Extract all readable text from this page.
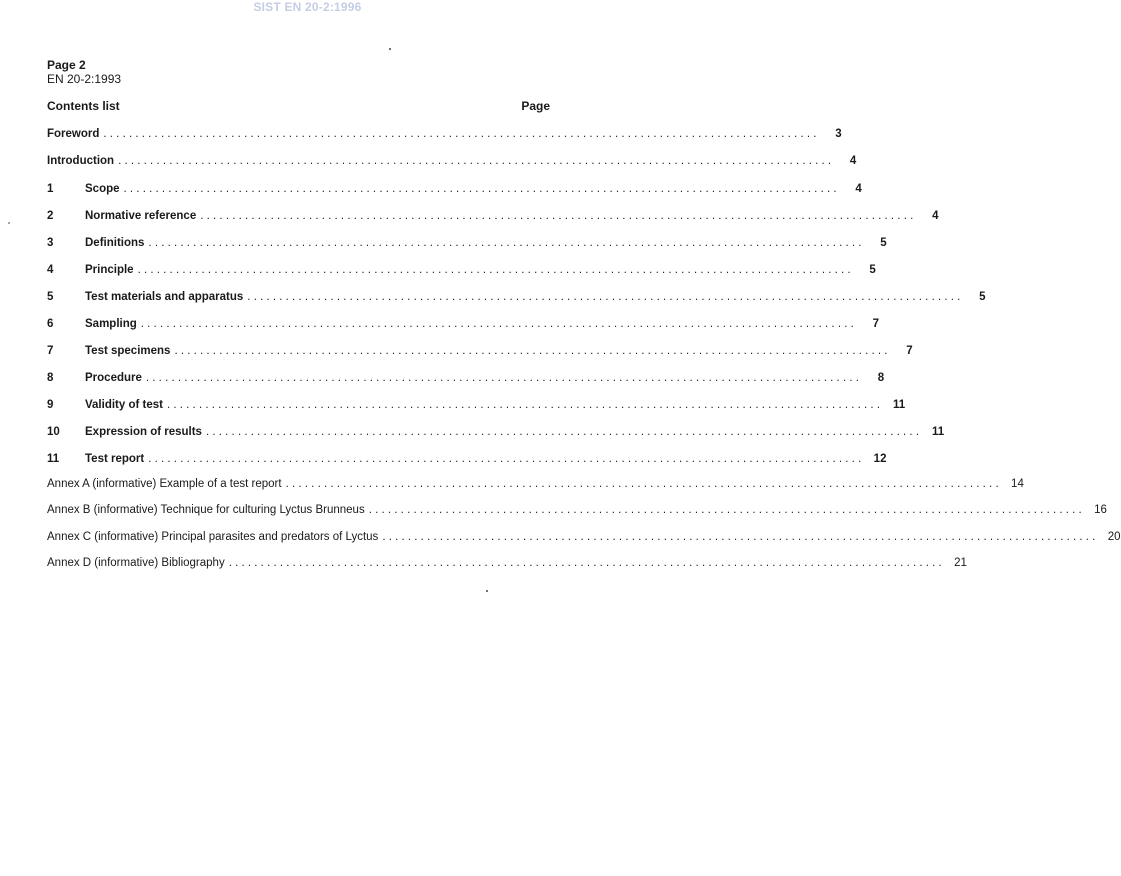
SIST EN 20-2:1996
Page 2
EN 20-2:1993
Contents list	Page
Foreword ................................................................................................................	3
Introduction ................................................................................................................	4
1	Scope ................................................................................................................	4
2	Normative reference ................................................................................................................	4
3	Definitions ................................................................................................................	5
4	Principle ................................................................................................................	5
5	Test materials and apparatus ................................................................................................................	5
6	Sampling ................................................................................................................	7
7	Test specimens ................................................................................................................	7
8	Procedure ................................................................................................................	8
9	Validity of test ................................................................................................................ 11
10	Expression of results ................................................................................................................ 11
11	Test report ................................................................................................................ 12
Annex A (informative) Example of a test report ................................................................................................................ 14
Annex B (informative) Technique for culturing Lyctus Brunneus ................................................................................................................ 16
Annex C (informative) Principal parasites and predators of Lyctus ................................................................................................................ 20
Annex D (informative) Bibliography ................................................................................................................ 21
